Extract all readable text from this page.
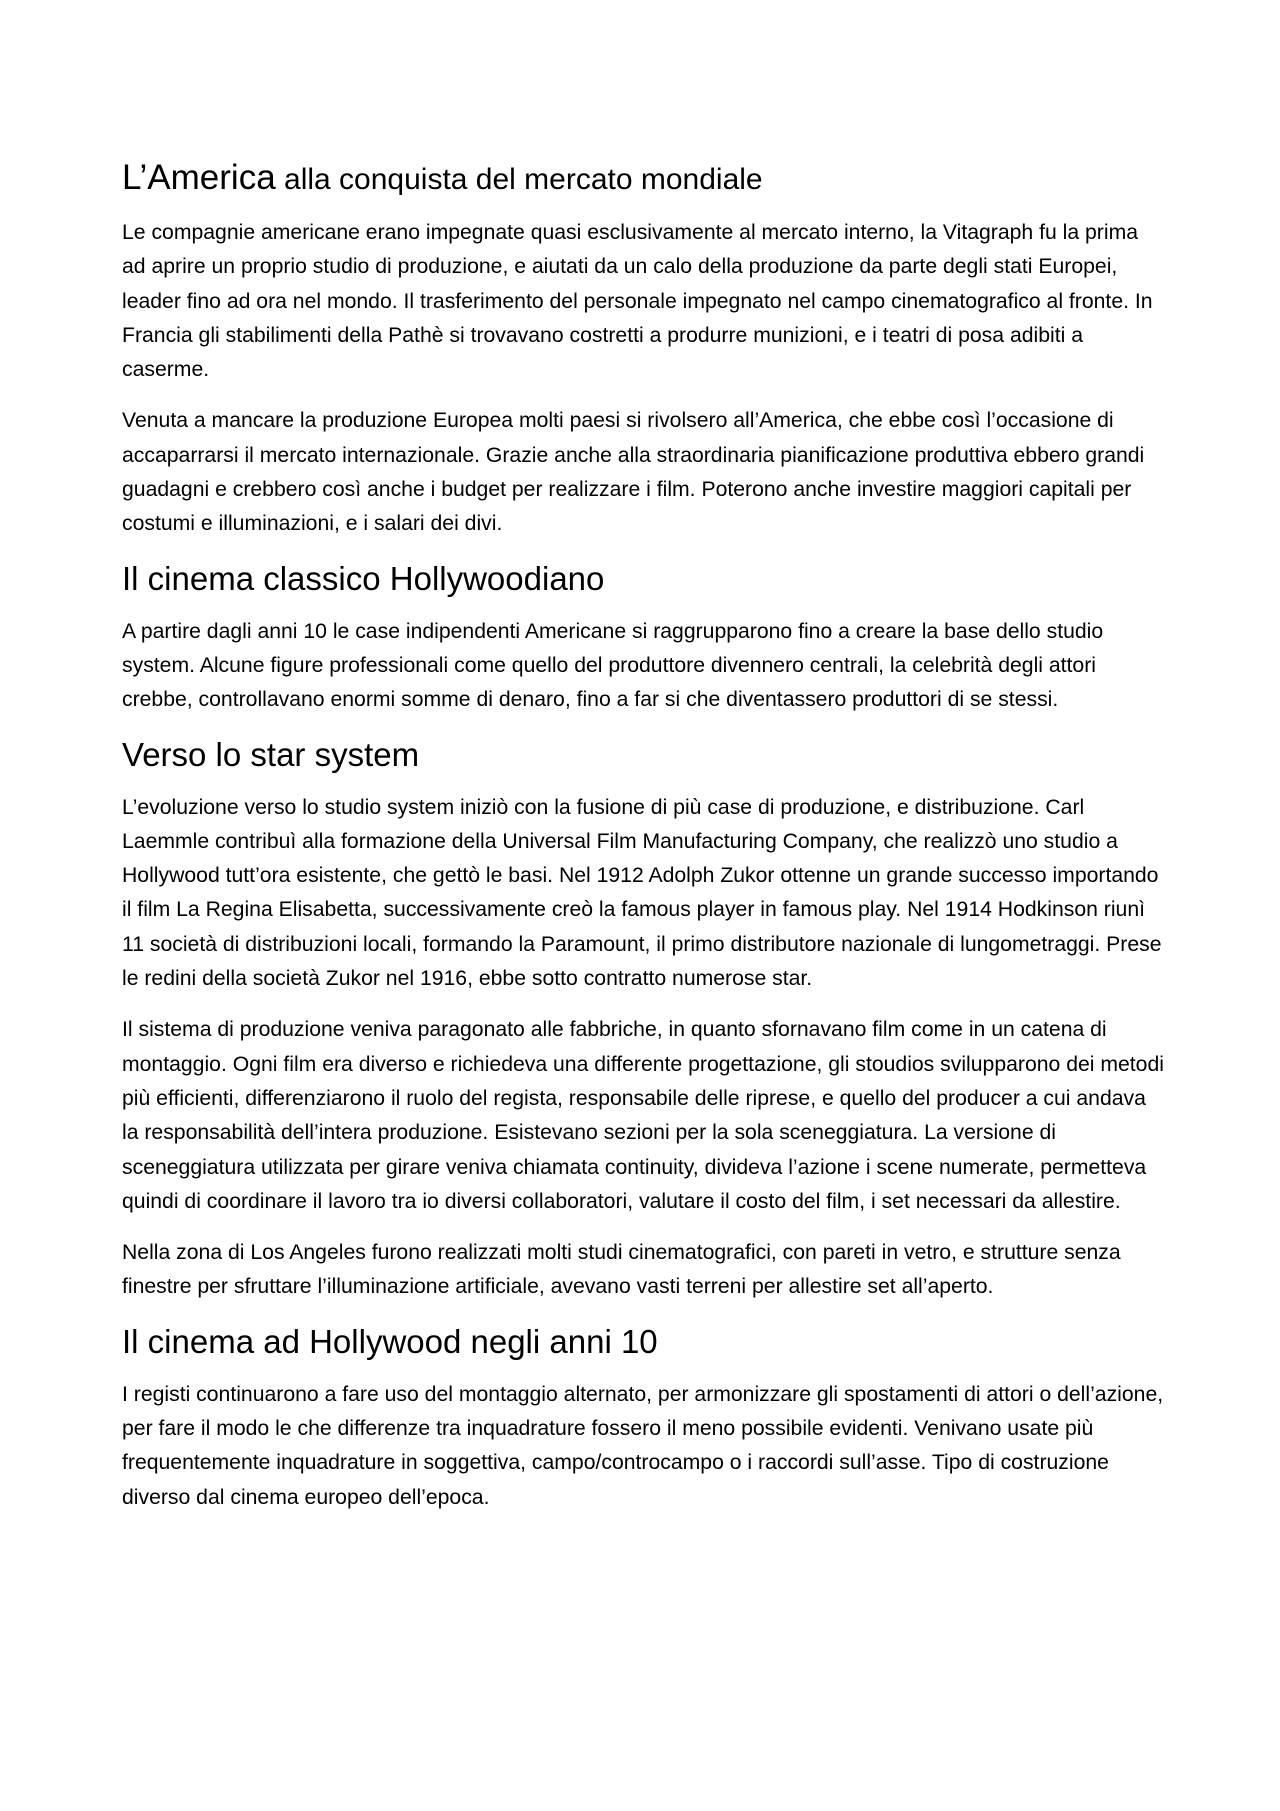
L’America alla conquista del mercato mondiale

Le compagnie americane erano impegnate quasi esclusivamente al mercato interno, la Vitagraph fu la prima ad aprire un proprio studio di produzione, e aiutati da un calo della produzione da parte degli stati Europei, leader fino ad ora nel mondo. Il trasferimento del personale impegnato nel campo cinematografico al fronte. In Francia gli stabilimenti della Pathè si trovavano costretti a produrre munizioni, e i teatri di posa adibiti a caserme.

Venuta a mancare la produzione Europea molti paesi si rivolsero all’America, che ebbe così l’occasione di accaparrarsi il mercato internazionale. Grazie anche alla straordinaria pianificazione produttiva ebbero grandi guadagni e crebbero così anche i budget per realizzare i film. Poterono anche investire maggiori capitali per costumi e illuminazioni, e i salari dei divi.

Il cinema classico Hollywoodiano

A partire dagli anni 10 le case indipendenti Americane si raggrupparono fino a creare la base dello studio system. Alcune figure professionali come quello del produttore divennero centrali, la celebrità degli attori crebbe, controllavano enormi somme di denaro, fino a far si che diventassero produttori di se stessi.

Verso lo star system

L’evoluzione verso lo studio system iniziò con la fusione di più case di produzione, e distribuzione. Carl Laemmle contribuì alla formazione della Universal Film Manufacturing Company, che realizzò uno studio a Hollywood tutt’ora esistente, che gettò le basi. Nel 1912 Adolph Zukor ottenne un grande successo importando il film La Regina Elisabetta, successivamente creò la famous player in famous play. Nel 1914 Hodkinson riunì 11 società di distribuzioni locali, formando la Paramount, il primo distributore nazionale di lungometraggi. Prese le redini della società Zukor nel 1916, ebbe sotto contratto numerose star.

Il sistema di produzione veniva paragonato alle fabbriche, in quanto sfornavano film come in un catena di montaggio. Ogni film era diverso e richiedeva una differente progettazione, gli stoudios svilupparono dei metodi più efficienti, differenziarono il ruolo del regista, responsabile delle riprese, e quello del producer a cui andava la responsabilità dell’intera produzione. Esistevano sezioni per la sola sceneggiatura. La versione di sceneggiatura utilizzata per girare veniva chiamata continuity, divideva l’azione i scene numerate, permetteva quindi di coordinare il lavoro tra io diversi collaboratori, valutare il costo del film, i set necessari da allestire.

Nella zona di Los Angeles furono realizzati molti studi cinematografici, con pareti in vetro, e strutture senza finestre per sfruttare l’illuminazione artificiale, avevano vasti terreni per allestire set all’aperto.

Il cinema ad Hollywood negli anni 10

I registi continuarono a fare uso del montaggio alternato, per armonizzare gli spostamenti di attori o dell’azione, per fare il modo le che differenze tra inquadrature fossero il meno possibile evidenti. Venivano usate più frequentemente inquadrature in soggettiva, campo/controcampo o i raccordi sull’asse. Tipo di costruzione diverso dal cinema europeo dell’epoca.
